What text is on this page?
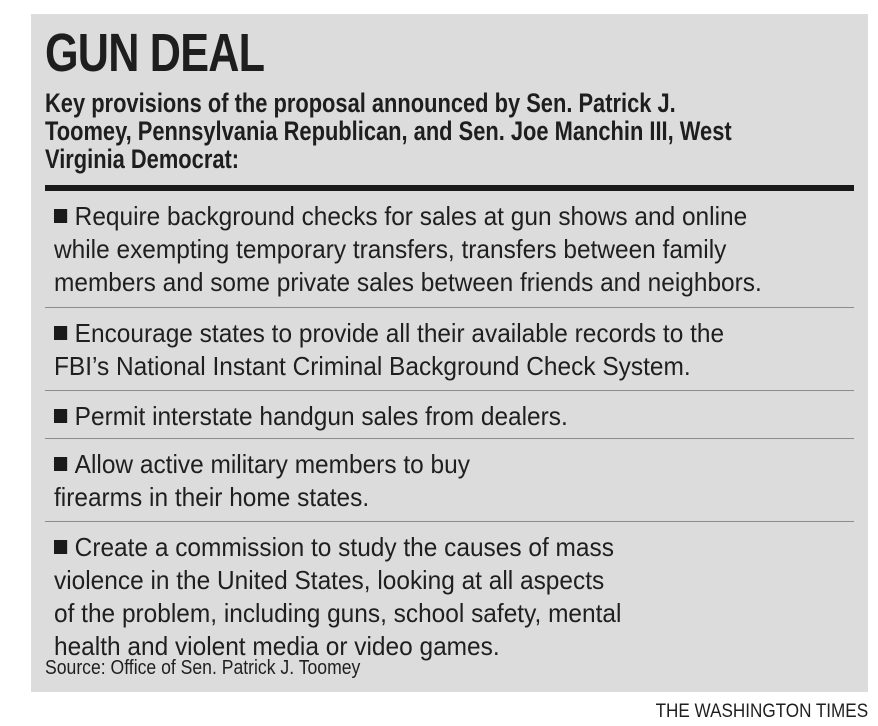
GUN DEAL

Key provisions of the proposal announced by Sen. Patrick J.
Toomey, Pennsylvania Republican, and Sen. Joe Manchin III, West
Virginia Democrat:

Require background checks for sales at gun shows and online
while exempting temporary transfers, transfers between family
members and some private sales between friends and neighbors.

Encourage states to provide all their available records to the
FBI’s National Instant Criminal Background Check System.

Permit interstate handgun sales from dealers.

Allow active military members to buy
firearms in their home states.

Create a commission to study the causes of mass
violence in the United States, looking at all aspects
of the problem, including guns, school safety, mental
health and violent media or video games.

Source: Office of Sen. Patrick J. Toomey

THE WASHINGTON TIMES
